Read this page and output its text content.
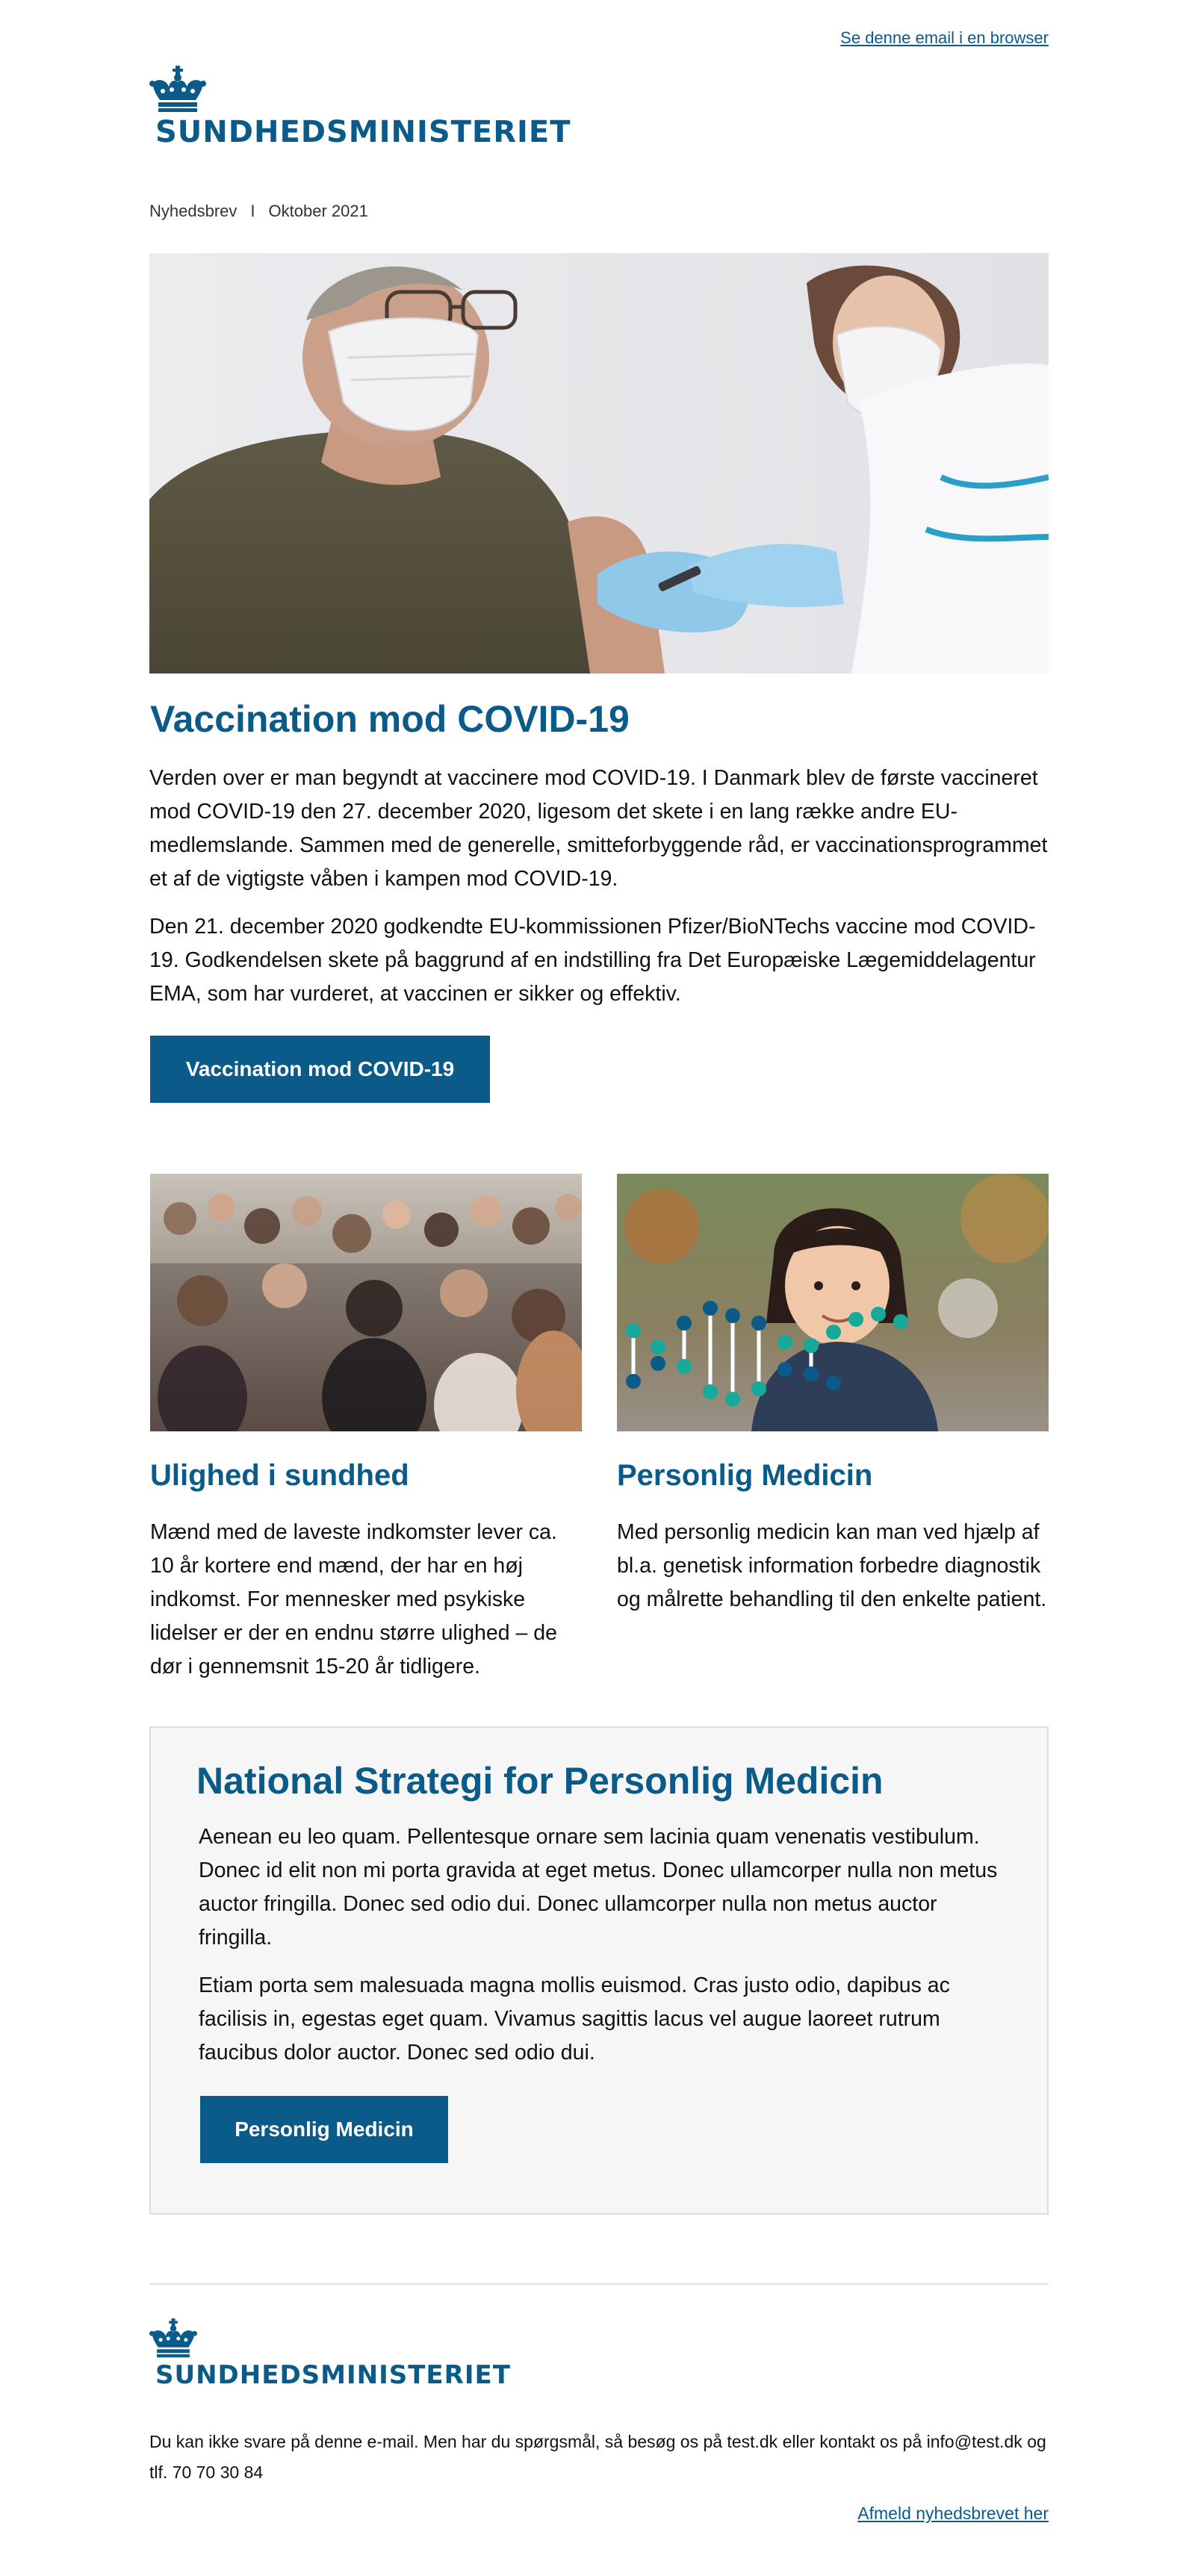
Se denne email i en browser
SUNDHEDSMINISTERIET
Nyhedsbrev I Oktober 2021
Vaccination mod COVID-19

Verden over er man begyndt at vaccinere mod COVID-19. I Danmark blev de første vaccineret mod COVID-19 den 27. december 2020, ligesom det skete i en lang række andre EU-medlemslande. Sammen med de generelle, smitteforbyggende råd, er vaccinationsprogrammet et af de vigtigste våben i kampen mod COVID-19.

Den 21. december 2020 godkendte EU-kommissionen Pfizer/BioNTechs vaccine mod COVID-19. Godkendelsen skete på baggrund af en indstilling fra Det Europæiske Lægemiddelagentur EMA, som har vurderet, at vaccinen er sikker og effektiv.

Vaccination mod COVID-19
Ulighed i sundhed	Personlig Medicin

Mænd med de laveste indkomster lever ca. 10 år kortere end mænd, der har en høj indkomst. For mennesker med psykiske lidelser er der en endnu større ulighed – de dør i gennemsnit 15-20 år tidligere.

Med personlig medicin kan man ved hjælp af bl.a. genetisk information forbedre diagnostik og målrette behandling til den enkelte patient.

National Strategi for Personlig Medicin

Aenean eu leo quam. Pellentesque ornare sem lacinia quam venenatis vestibulum. Donec id elit non mi porta gravida at eget metus. Donec ullamcorper nulla non metus auctor fringilla. Donec sed odio dui. Donec ullamcorper nulla non metus auctor fringilla.

Etiam porta sem malesuada magna mollis euismod. Cras justo odio, dapibus ac facilisis in, egestas eget quam. Vivamus sagittis lacus vel augue laoreet rutrum faucibus dolor auctor. Donec sed odio dui.

Personlig Medicin
SUNDHEDSMINISTERIET

Du kan ikke svare på denne e-mail. Men har du spørgsmål, så besøg os på test.dk eller kontakt os på info@test.dk og tlf. 70 70 30 84

Afmeld nyhedsbrevet her
